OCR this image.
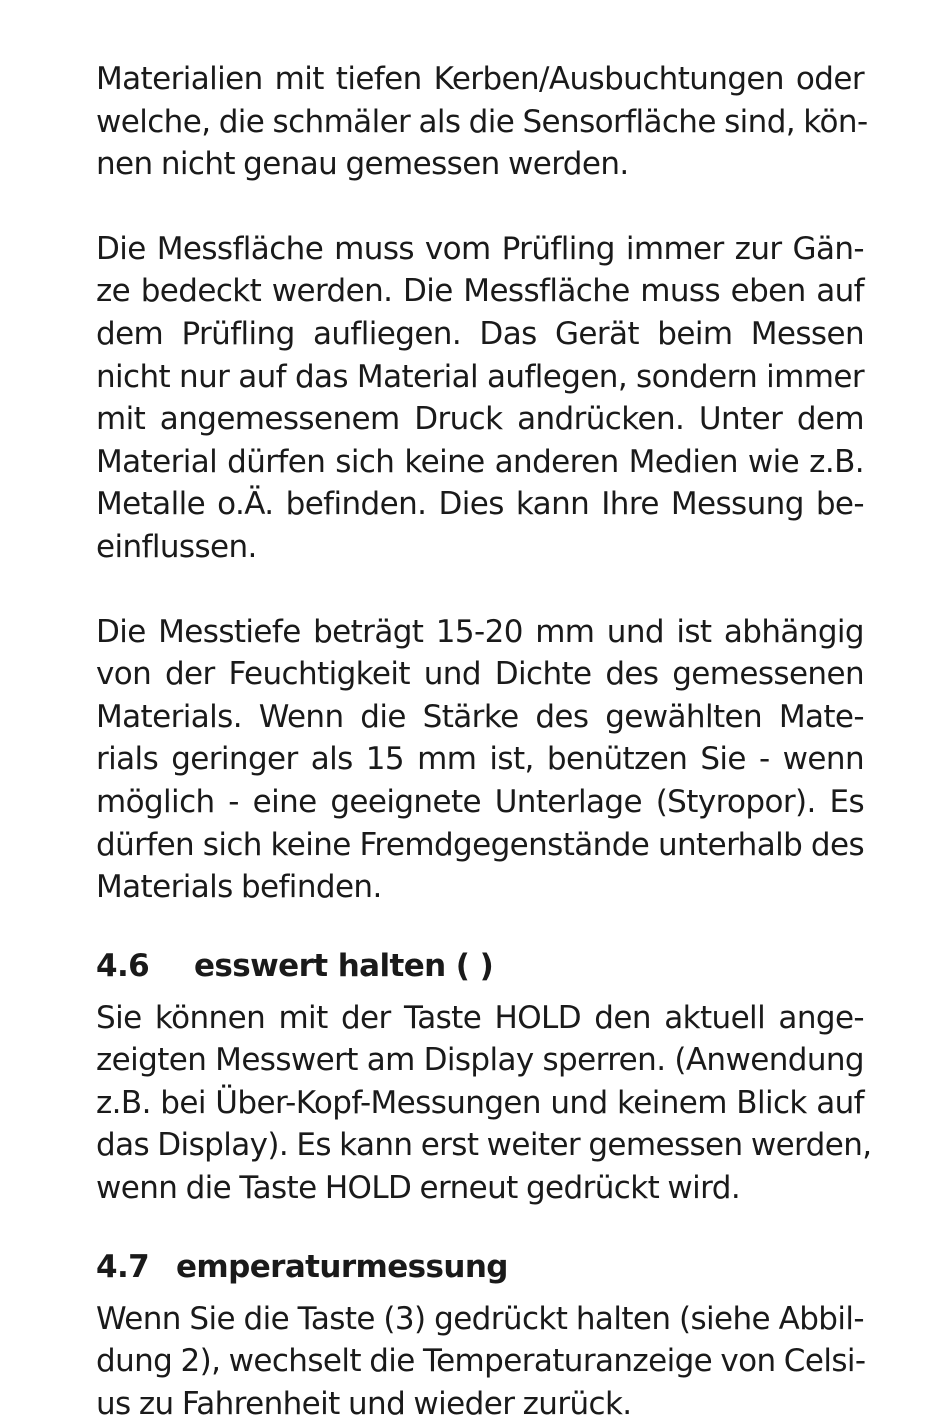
Materialien mit tiefen Kerben/Ausbuchtungen oder
welche, die schmäler als die Sensorfläche sind, kön-
nen nicht genau gemessen werden.

Die Messfläche muss vom Prüfling immer zur Gän-
ze bedeckt werden. Die Messfläche muss eben auf
dem Prüfling aufliegen. Das Gerät beim Messen
nicht nur auf das Material auflegen, sondern immer
mit angemessenem Druck andrücken. Unter dem
Material dürfen sich keine anderen Medien wie z.B.
Metalle o.Ä. befinden. Dies kann Ihre Messung be-
einflussen.

Die Messtiefe beträgt 15-20 mm und ist abhängig
von der Feuchtigkeit und Dichte des gemessenen
Materials. Wenn die Stärke des gewählten Mate-
rials geringer als 15 mm ist, benützen Sie - wenn
möglich - eine geeignete Unterlage (Styropor). Es
dürfen sich keine Fremdgegenstände unterhalb des
Materials befinden.

4.6 esswert halten ( )

Sie können mit der Taste HOLD den aktuell ange-
zeigten Messwert am Display sperren. (Anwendung
z.B. bei Über-Kopf-Messungen und keinem Blick auf
das Display). Es kann erst weiter gemessen werden,
wenn die Taste HOLD erneut gedrückt wird.

4.7 emperaturmessung

Wenn Sie die Taste (3) gedrückt halten (siehe Abbil-
dung 2), wechselt die Temperaturanzeige von Celsi-
us zu Fahrenheit und wieder zurück.
